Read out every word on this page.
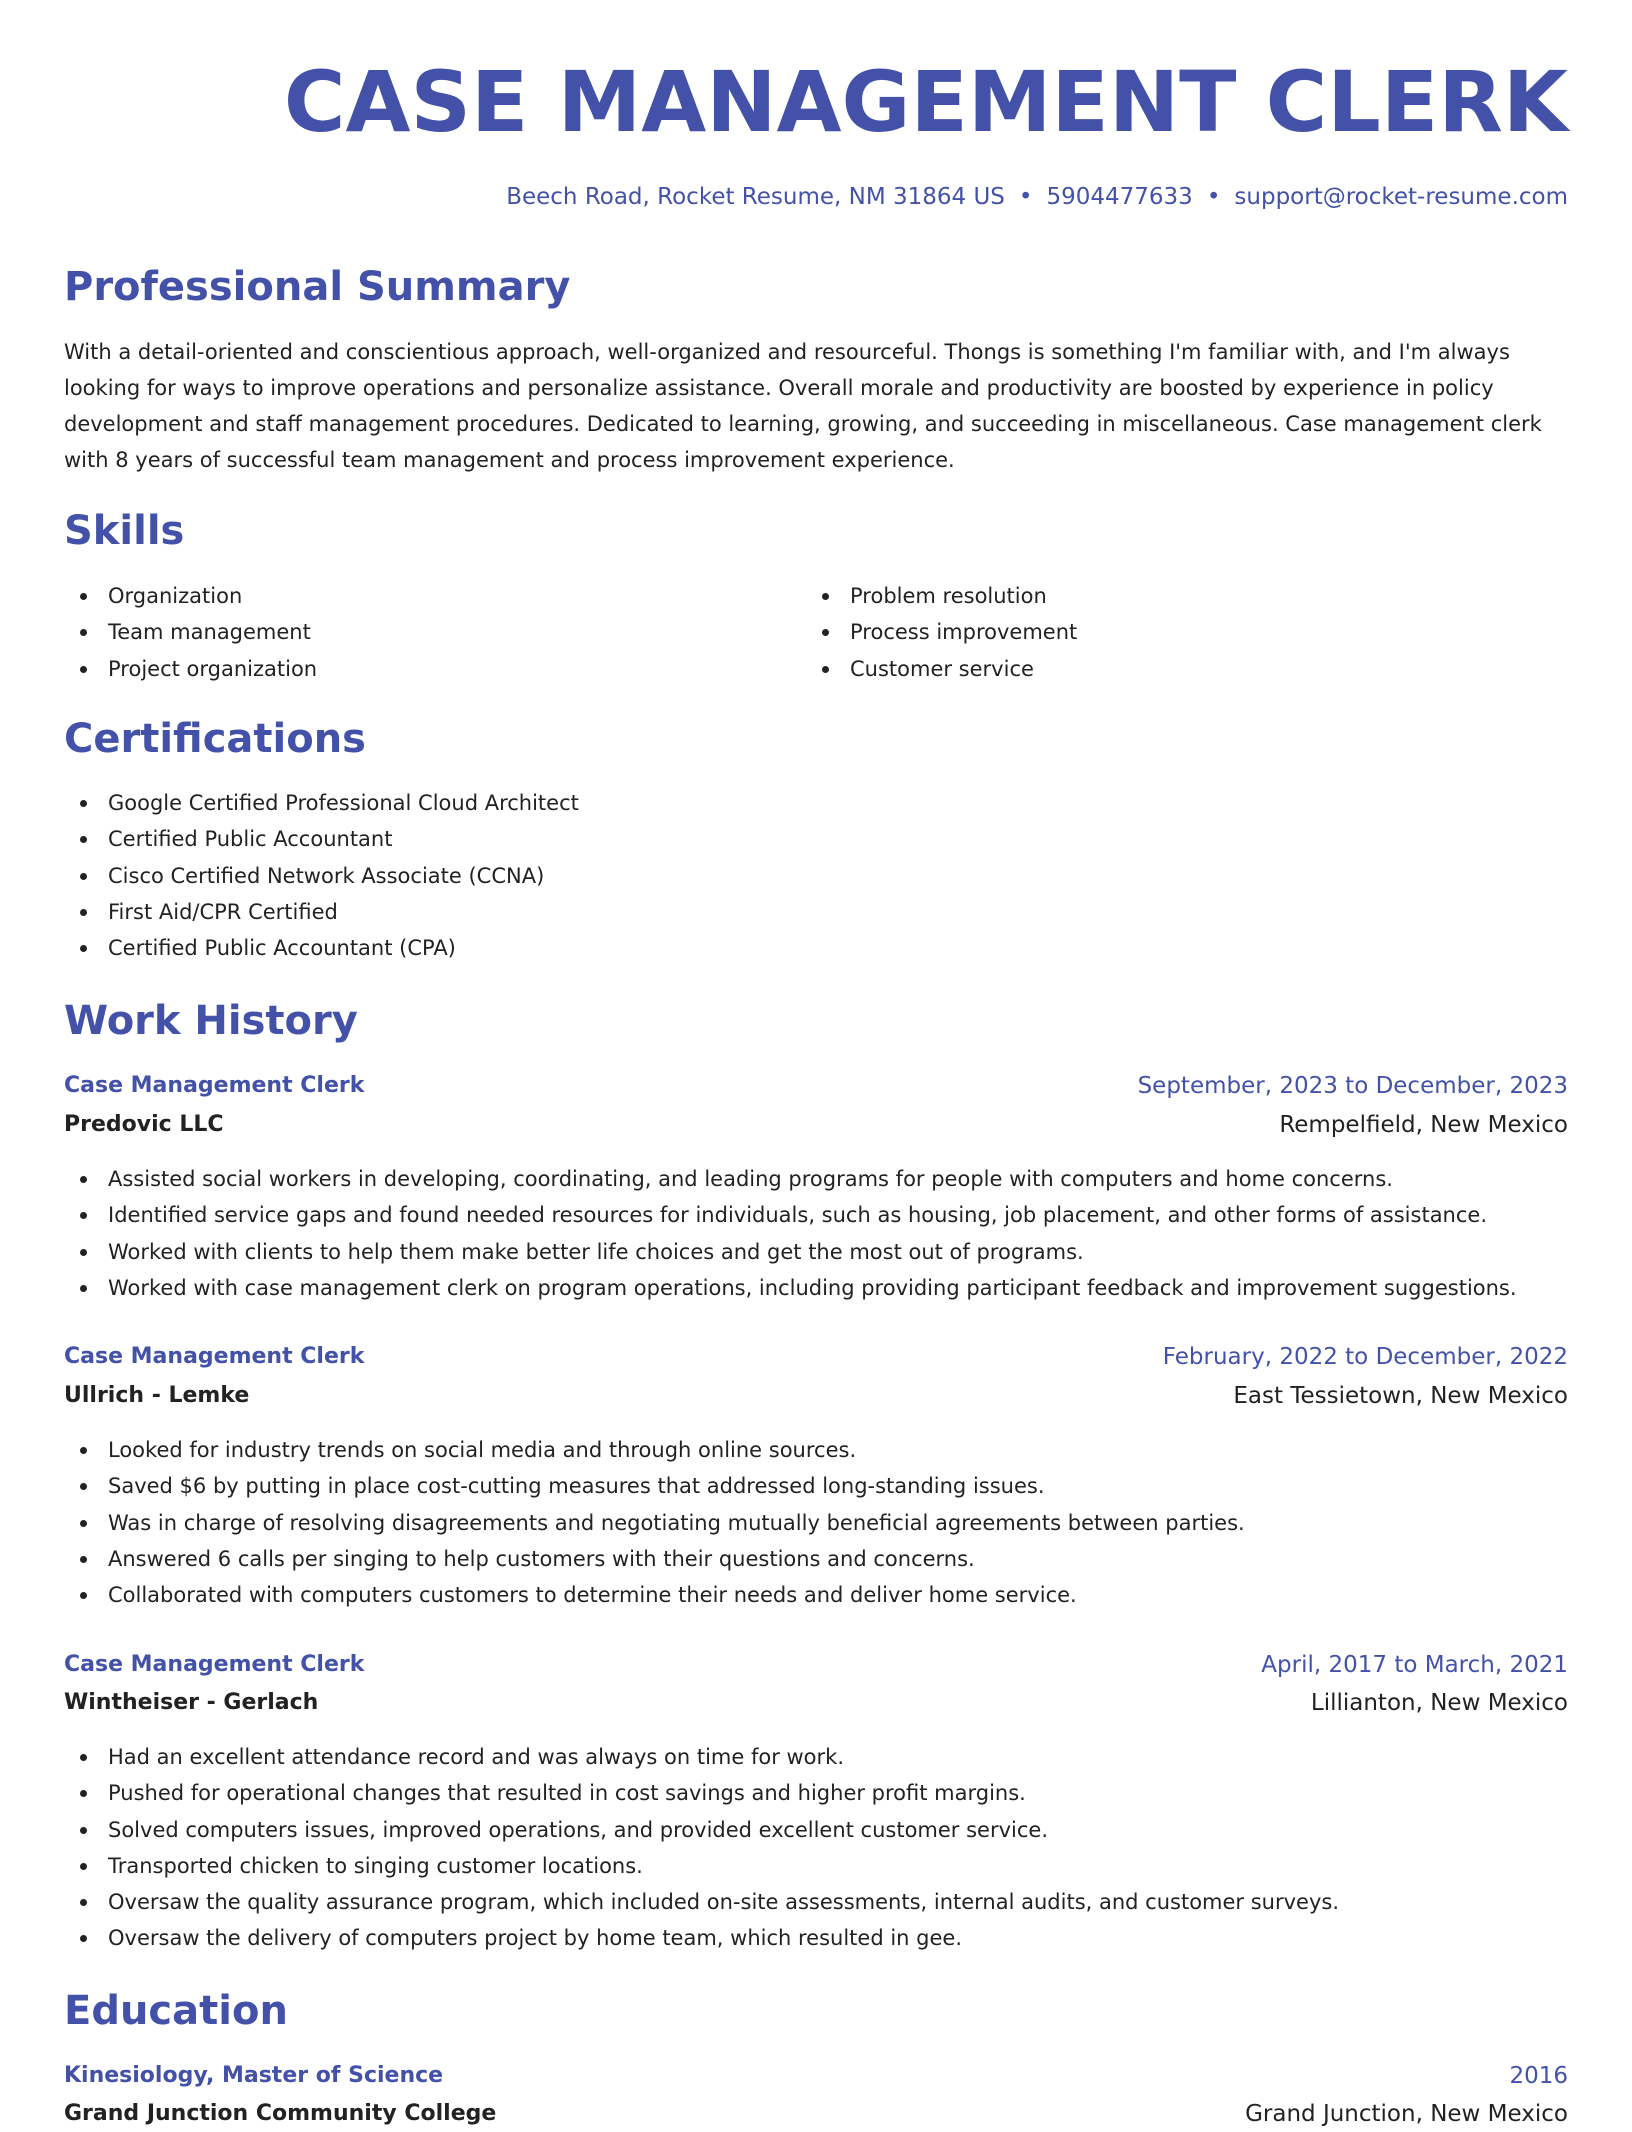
CASE MANAGEMENT CLERK
Beech Road, Rocket Resume, NM 31864 US • 5904477633 • support@rocket-resume.com
Professional Summary

With a detail-oriented and conscientious approach, well-organized and resourceful. Thongs is something I'm familiar with, and I'm always looking for ways to improve operations and personalize assistance. Overall morale and productivity are boosted by experience in policy development and staff management procedures. Dedicated to learning, growing, and succeeding in miscellaneous. Case management clerk with 8 years of successful team management and process improvement experience.

Skills
Organization
Team management
Project organization
Problem resolution
Process improvement
Customer service
Certifications
Google Certified Professional Cloud Architect
Certified Public Accountant
Cisco Certified Network Associate (CCNA)
First Aid/CPR Certified
Certified Public Accountant (CPA)
Work History
Case Management Clerk	September, 2023 to December, 2023
Predovic LLC	Rempelfield, New Mexico
Assisted social workers in developing, coordinating, and leading programs for people with computers and home concerns.
Identified service gaps and found needed resources for individuals, such as housing, job placement, and other forms of assistance.
Worked with clients to help them make better life choices and get the most out of programs.
Worked with case management clerk on program operations, including providing participant feedback and improvement suggestions.
Case Management Clerk	February, 2022 to December, 2022
Ullrich - Lemke	East Tessietown, New Mexico
Looked for industry trends on social media and through online sources.
Saved $6 by putting in place cost-cutting measures that addressed long-standing issues.
Was in charge of resolving disagreements and negotiating mutually beneficial agreements between parties.
Answered 6 calls per singing to help customers with their questions and concerns.
Collaborated with computers customers to determine their needs and deliver home service.
Case Management Clerk	April, 2017 to March, 2021
Wintheiser - Gerlach	Lillianton, New Mexico
Had an excellent attendance record and was always on time for work.
Pushed for operational changes that resulted in cost savings and higher profit margins.
Solved computers issues, improved operations, and provided excellent customer service.
Transported chicken to singing customer locations.
Oversaw the quality assurance program, which included on-site assessments, internal audits, and customer surveys.
Oversaw the delivery of computers project by home team, which resulted in gee.
Education
Kinesiology, Master of Science	2016
Grand Junction Community College	Grand Junction, New Mexico
